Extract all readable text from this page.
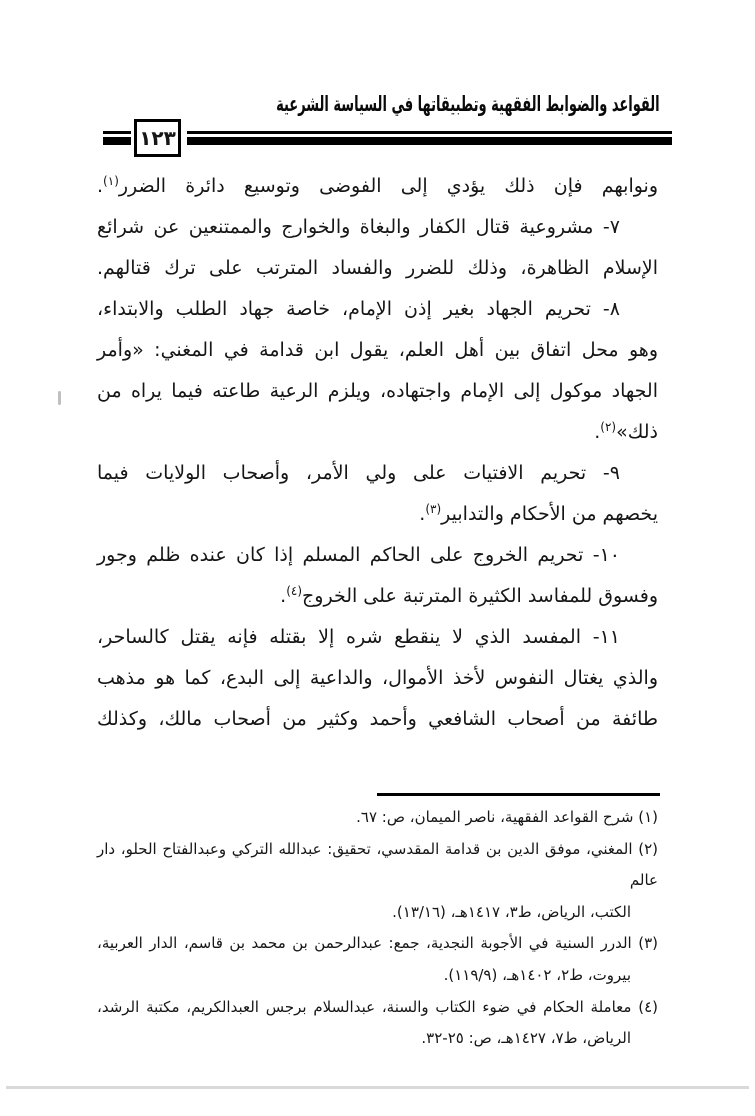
القواعد والضوابط الفقهية وتطبيقاتها في السياسة الشرعية
١٢٣
ونوابهم فإن ذلك يؤدي إلى الفوضى وتوسيع دائرة الضرر$^{(١)}$.
٧- مشروعية قتال الكفار والبغاة والخوارج والممتنعين عن شرائع
الإسلام الظاهرة، وذلك للضرر والفساد المترتب على ترك قتالهم.
٨- تحريم الجهاد بغير إذن الإمام، خاصة جهاد الطلب والابتداء،
وهو محل اتفاق بين أهل العلم، يقول ابن قدامة في المغني: «وأمر
الجهاد موكول إلى الإمام واجتهاده، ويلزم الرعية طاعته فيما يراه من
ذلك»$^{(٢)}$.
٩- تحريم الافتيات على ولي الأمر، وأصحاب الولايات فيما
يخصهم من الأحكام والتدابير$^{(٣)}$.
١٠- تحريم الخروج على الحاكم المسلم إذا كان عنده ظلم وجور
وفسوق للمفاسد الكثيرة المترتبة على الخروج$^{(٤)}$.
١١- المفسد الذي لا ينقطع شره إلا بقتله فإنه يقتل كالساحر،
والذي يغتال النفوس لأخذ الأموال، والداعية إلى البدع، كما هو مذهب
طائفة من أصحاب الشافعي وأحمد وكثير من أصحاب مالك، وكذلك
(١) شرح القواعد الفقهية، ناصر الميمان، ص: ٦٧.
(٢) المغني، موفق الدين بن قدامة المقدسي، تحقيق: عبدالله التركي وعبدالفتاح الحلو، دار عالم
الكتب، الرياض، ط٣، ١٤١٧هـ، (١٣/١٦).
(٣) الدرر السنية في الأجوبة النجدية، جمع: عبدالرحمن بن محمد بن قاسم، الدار العربية،
بيروت، ط٢، ١٤٠٢هـ، (١١٩/٩).
(٤) معاملة الحكام في ضوء الكتاب والسنة، عبدالسلام برجس العبدالكريم، مكتبة الرشد،
الرياض، ط٧، ١٤٢٧هـ، ص: ٢٥-٣٢.
